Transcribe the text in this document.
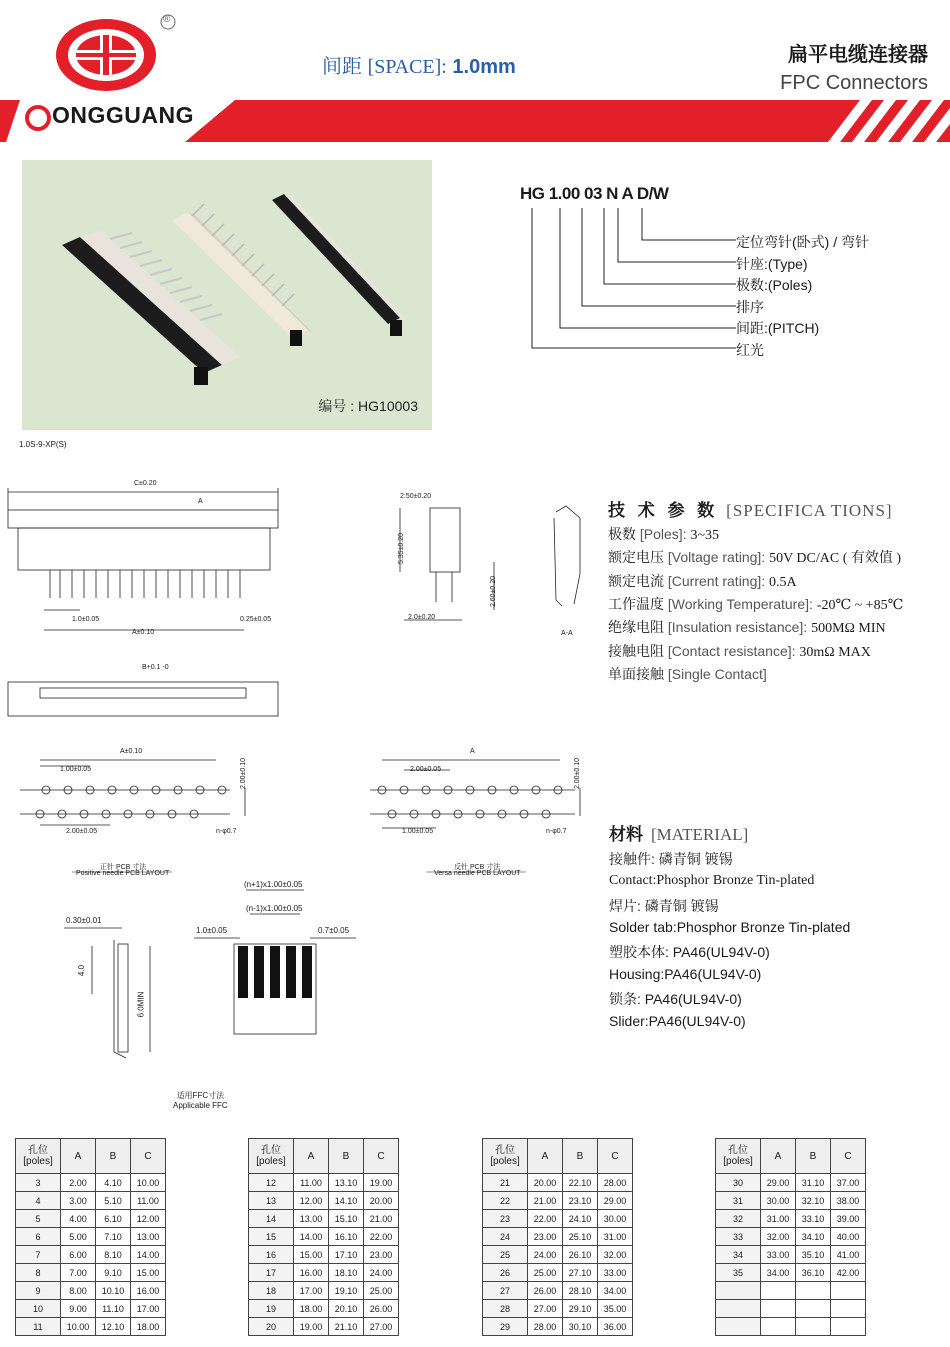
®
ONGGUANG
间距 [SPACE]: 1.0mm
扁平电缆连接器
FPC Connectors
编号 : HG10003
1.0S-9-XP(S)
HG 1.00 03 N A D/W
定位弯针(卧式) / 弯针
针座:(Type)
极数:(Poles)
排序
间距:(PITCH)
红光
C±0.20
A
1.0±0.05	0.25±0.05
A±0.10
B+0.1 -0
2.50±0.20
5.35±0.20
2.60±0.20
2.0±0.20
A-A
A±0.10
1.00±0.05	2.00±0.10
2.00±0.05	n-φ0.7
正针 PCB 寸法
Positive needle PCB LAYOUT
A
2.00±0.05	2.00±0.10
1.00±0.05	n-φ0.7
反针 PCB 寸法
Versa needle PCB LAYOUT
0.30±0.01
4.0
6.0MIN
(n+1)x1.00±0.05
(n-1)x1.00±0.05
1.0±0.05	0.7±0.05
适用FFC寸法
Applicable FFC
技 术 参 数 [SPECIFICA TIONS]
极数 [Poles]: 3~35
额定电压 [Voltage rating]: 50V DC/AC ( 有效值 )
额定电流 [Current rating]: 0.5A
工作温度 [Working Temperature]: -20℃ ~ +85℃
绝缘电阻 [Insulation resistance]: 500MΩ MIN
接触电阻 [Contact resistance]: 30mΩ MAX
单面接触 [Single Contact]
材料 [MATERIAL]
接触件: 磷青铜 镀锡
Contact:Phosphor Bronze Tin-plated
焊片: 磷青铜 镀锡
Solder tab:Phosphor Bronze Tin-plated
塑胶本体: PA46(UL94V-0)
Housing:PA46(UL94V-0)
锁条: PA46(UL94V-0)
Slider:PA46(UL94V-0)
孔位
[poles]	A	B	C
3	2.00	4.10	10.00
4	3.00	5.10	11.00
5	4.00	6.10	12.00
6	5.00	7.10	13.00
7	6.00	8.10	14.00
8	7.00	9.10	15.00
9	8.00	10.10	16.00
10	9.00	11.10	17.00
11	10.00	12.10	18.00
孔位
[poles]	A	B	C
12	11.00	13.10	19.00
13	12.00	14.10	20.00
14	13.00	15.10	21.00
15	14.00	16.10	22.00
16	15.00	17.10	23.00
17	16.00	18.10	24.00
18	17.00	19.10	25.00
19	18.00	20.10	26.00
20	19.00	21.10	27.00
孔位
[poles]	A	B	C
21	20.00	22.10	28.00
22	21.00	23.10	29.00
23	22.00	24.10	30.00
24	23.00	25.10	31.00
25	24.00	26.10	32.00
26	25.00	27.10	33.00
27	26.00	28.10	34.00
28	27.00	29.10	35.00
29	28.00	30.10	36.00
孔位
[poles]	A	B	C
30	29.00	31.10	37.00
31	30.00	32.10	38.00
32	31.00	33.10	39.00
33	32.00	34.10	40.00
34	33.00	35.10	41.00
35	34.00	36.10	42.00
